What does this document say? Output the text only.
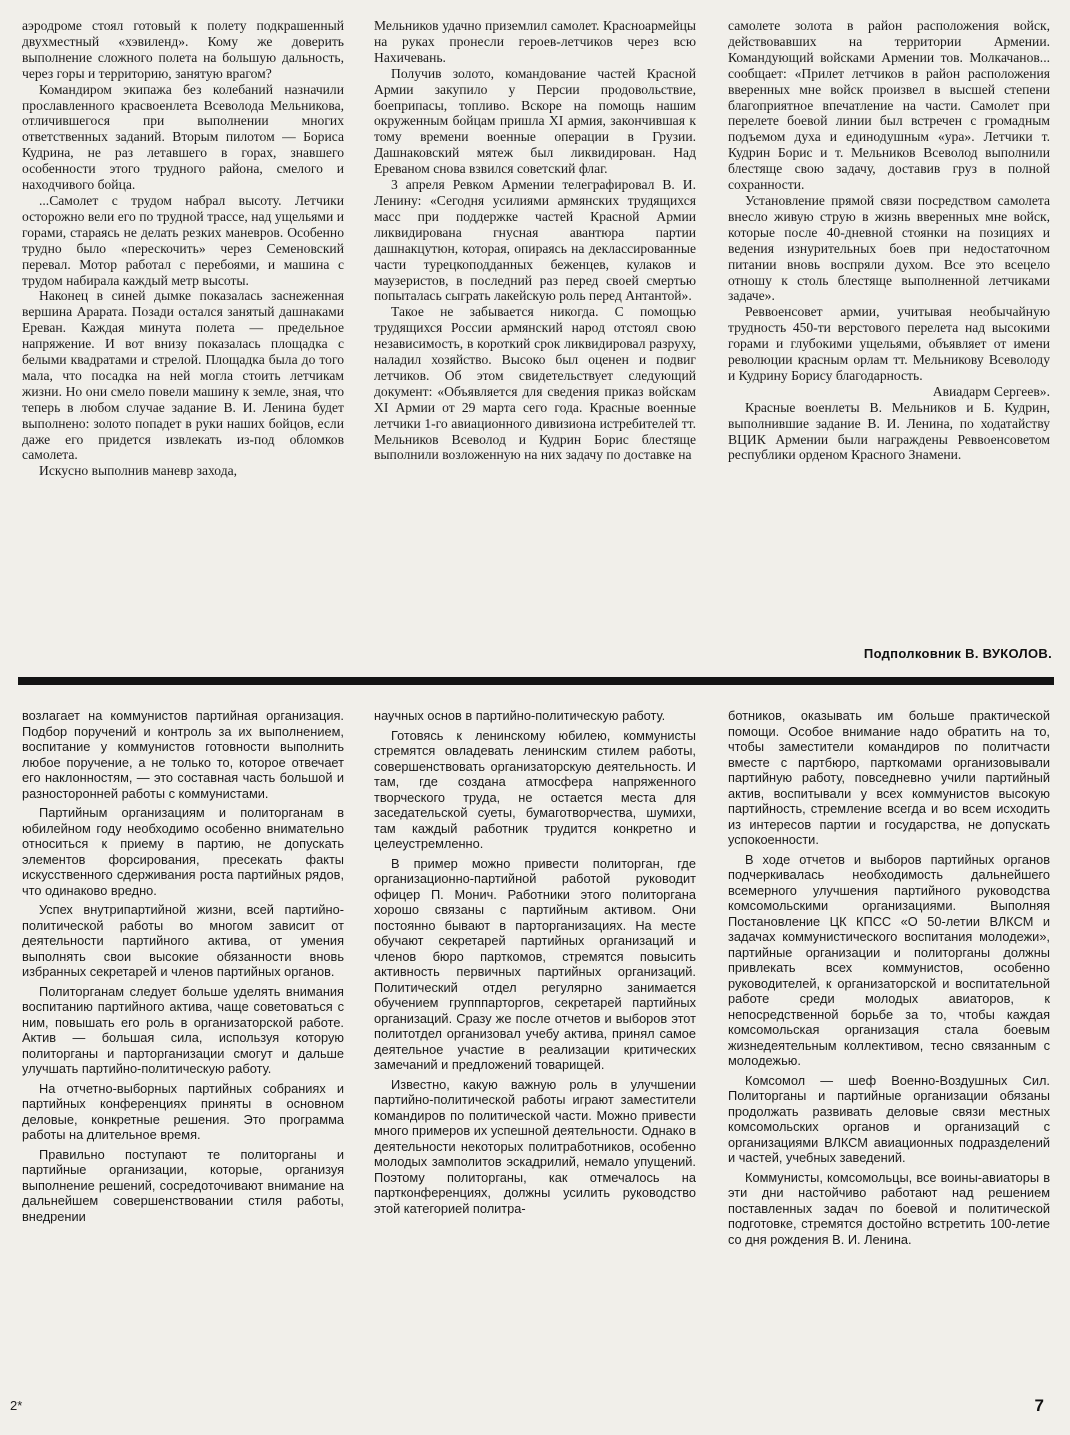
аэродроме стоял готовый к полету подкрашенный двухместный «хэвиленд». Кому же доверить выполнение сложного полета на большую дальность, через горы и территорию, занятую врагом?

Командиром экипажа без колебаний назначили прославленного красвоенлета Всеволода Мельникова, отличившегося при выполнении многих ответственных заданий. Вторым пилотом — Бориса Кудрина, не раз летавшего в горах, знавшего особенности этого трудного района, смелого и находчивого бойца.

...Самолет с трудом набрал высоту. Летчики осторожно вели его по трудной трассе, над ущельями и горами, стараясь не делать резких маневров. Особенно трудно было «перескочить» через Семеновский перевал. Мотор работал с перебоями, и машина с трудом набирала каждый метр высоты.

Наконец в синей дымке показалась заснеженная вершина Арарата. Позади остался занятый дашнаками Ереван. Каждая минута полета — предельное напряжение. И вот внизу показалась площадка с белыми квадратами и стрелой. Площадка была до того мала, что посадка на ней могла стоить летчикам жизни. Но они смело повели машину к земле, зная, что теперь в любом случае задание В. И. Ленина будет выполнено: золото попадет в руки наших бойцов, если даже его придется извлекать из-под обломков самолета.

Искусно выполнив маневр захода,

Мельников удачно приземлил самолет. Красноармейцы на руках пронесли героев-летчиков через всю Нахичевань.

Получив золото, командование частей Красной Армии закупило у Персии продовольствие, боеприпасы, топливо. Вскоре на помощь нашим окруженным бойцам пришла XI армия, закончившая к тому времени военные операции в Грузии. Дашнаковский мятеж был ликвидирован. Над Ереваном снова взвился советский флаг.

3 апреля Ревком Армении телеграфировал В. И. Ленину: «Сегодня усилиями армянских трудящихся масс при поддержке частей Красной Армии ликвидирована гнусная авантюра партии дашнакцутюн, которая, опираясь на деклассированные части турецкоподданных беженцев, кулаков и маузеристов, в последний раз перед своей смертью попыталась сыграть лакейскую роль перед Антантой».

Такое не забывается никогда. С помощью трудящихся России армянский народ отстоял свою независимость, в короткий срок ликвидировал разруху, наладил хозяйство. Высоко был оценен и подвиг летчиков. Об этом свидетельствует следующий документ: «Объявляется для сведения приказ войскам XI Армии от 29 марта сего года. Красные военные летчики 1-го авиационного дивизиона истребителей тт. Мельников Всеволод и Кудрин Борис блестяще выполнили возложенную на них задачу по доставке на

самолете золота в район расположения войск, действовавших на территории Армении. Командующий войсками Армении тов. Молкачанов... сообщает: «Прилет летчиков в район расположения вверенных мне войск произвел в высшей степени благоприятное впечатление на части. Самолет при перелете боевой линии был встречен с громадным подъемом духа и единодушным «ура». Летчики т. Кудрин Борис и т. Мельников Всеволод выполнили блестяще свою задачу, доставив груз в полной сохранности.

Установление прямой связи посредством самолета внесло живую струю в жизнь вверенных мне войск, которые после 40-дневной стоянки на позициях и ведения изнурительных боев при недостаточном питании вновь воспряли духом. Все это всецело отношу к столь блестяще выполненной летчиками задаче».

Реввоенсовет армии, учитывая необычайную трудность 450-ти верстового перелета над высокими горами и глубокими ущельями, объявляет от имени революции красным орлам тт. Мельникову Всеволоду и Кудрину Борису благодарность.

Авиадарм Сергеев».

Красные военлеты В. Мельников и Б. Кудрин, выполнившие задание В. И. Ленина, по ходатайству ВЦИК Армении были награждены Реввоенсоветом республики орденом Красного Знамени.

Подполковник В. ВУКОЛОВ.

возлагает на коммунистов партийная организация. Подбор поручений и контроль за их выполнением, воспитание у коммунистов готовности выполнить любое поручение, а не только то, которое отвечает его наклонностям, — это составная часть большой и разносторонней работы с коммунистами.

Партийным организациям и политорганам в юбилейном году необходимо особенно внимательно относиться к приему в партию, не допускать элементов форсирования, пресекать факты искусственного сдерживания роста партийных рядов, что одинаково вредно.

Успех внутрипартийной жизни, всей партийно-политической работы во многом зависит от деятельности партийного актива, от умения выполнять свои высокие обязанности вновь избранных секретарей и членов партийных органов.

Политорганам следует больше уделять внимания воспитанию партийного актива, чаще советоваться с ним, повышать его роль в организаторской работе. Актив — большая сила, используя которую политорганы и парторганизации смогут и дальше улучшать партийно-политическую работу.

На отчетно-выборных партийных собраниях и партийных конференциях приняты в основном деловые, конкретные решения. Это программа работы на длительное время.

Правильно поступают те политорганы и партийные организации, которые, организуя выполнение решений, сосредоточивают внимание на дальнейшем совершенствовании стиля работы, внедрении

научных основ в партийно-политическую работу.

Готовясь к ленинскому юбилею, коммунисты стремятся овладевать ленинским стилем работы, совершенствовать организаторскую деятельность. И там, где создана атмосфера напряженного творческого труда, не остается места для заседательской суеты, бумаготворчества, шумихи, там каждый работник трудится конкретно и целеустремленно.

В пример можно привести политорган, где организационно-партийной работой руководит офицер П. Монич. Работники этого политоргана хорошо связаны с партийным активом. Они постоянно бывают в парторганизациях. На месте обучают секретарей партийных организаций и членов бюро парткомов, стремятся повысить активность первичных партийных организаций. Политический отдел регулярно занимается обучением групппарторгов, секретарей партийных организаций. Сразу же после отчетов и выборов этот политотдел организовал учебу актива, принял самое деятельное участие в реализации критических замечаний и предложений товарищей.

Известно, какую важную роль в улучшении партийно-политической работы играют заместители командиров по политической части. Можно привести много примеров их успешной деятельности. Однако в деятельности некоторых политработников, особенно молодых замполитов эскадрилий, немало упущений. Поэтому политорганы, как отмечалось на партконференциях, должны усилить руководство этой категорией политра-

ботников, оказывать им больше практической помощи. Особое внимание надо обратить на то, чтобы заместители командиров по политчасти вместе с партбюро, парткомами организовывали партийную работу, повседневно учили партийный актив, воспитывали у всех коммунистов высокую партийность, стремление всегда и во всем исходить из интересов партии и государства, не допускать успокоенности.

В ходе отчетов и выборов партийных органов подчеркивалась необходимость дальнейшего всемерного улучшения партийного руководства комсомольскими организациями. Выполняя Постановление ЦК КПСС «О 50-летии ВЛКСМ и задачах коммунистического воспитания молодежи», партийные организации и политорганы должны привлекать всех коммунистов, особенно руководителей, к организаторской и воспитательной работе среди молодых авиаторов, к непосредственной борьбе за то, чтобы каждая комсомольская организация стала боевым жизнедеятельным коллективом, тесно связанным с молодежью.

Комсомол — шеф Военно-Воздушных Сил. Политорганы и партийные организации обязаны продолжать развивать деловые связи местных комсомольских органов и организаций с организациями ВЛКСМ авиационных подразделений и частей, учебных заведений.

Коммунисты, комсомольцы, все воины-авиаторы в эти дни настойчиво работают над решением поставленных задач по боевой и политической подготовке, стремятся достойно встретить 100-летие со дня рождения В. И. Ленина.

2*	7
